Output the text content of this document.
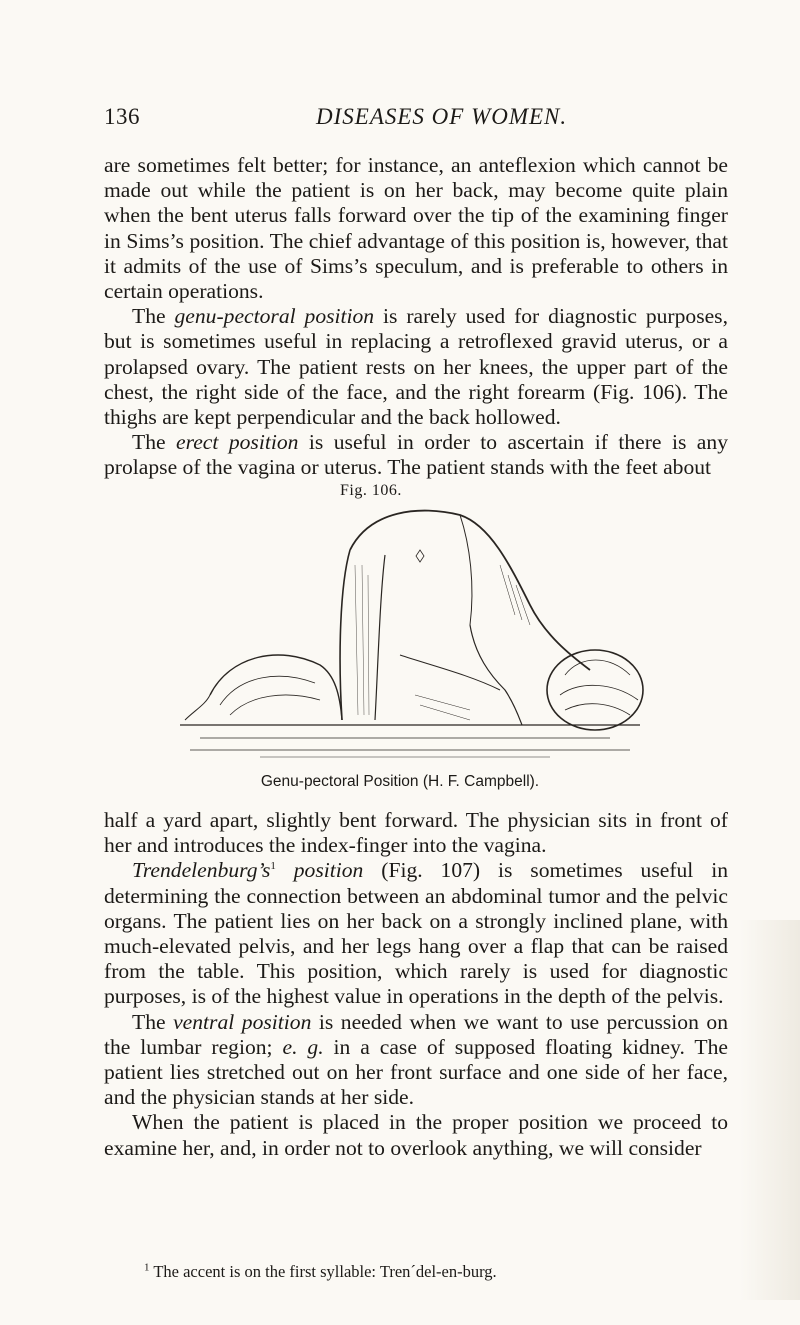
136	DISEASES OF WOMEN.

are sometimes felt better; for instance, an anteflexion which cannot be made out while the patient is on her back, may become quite plain when the bent uterus falls forward over the tip of the examining finger in Sims’s position. The chief advantage of this position is, however, that it admits of the use of Sims’s speculum, and is preferable to others in certain operations.

The genu-pectoral position is rarely used for diagnostic purposes, but is sometimes useful in replacing a retroflexed gravid uterus, or a prolapsed ovary. The patient rests on her knees, the upper part of the chest, the right side of the face, and the right forearm (Fig. 106). The thighs are kept perpendicular and the back hollowed.

The erect position is useful in order to ascertain if there is any prolapse of the vagina or uterus. The patient stands with the feet about

Fig. 106.
Genu-pectoral Position (H. F. Campbell).

half a yard apart, slightly bent forward. The physician sits in front of her and introduces the index-finger into the vagina.

$Trendelenburg’s^1$ position (Fig. 107) is sometimes useful in determining the connection between an abdominal tumor and the pelvic organs. The patient lies on her back on a strongly inclined plane, with much-elevated pelvis, and her legs hang over a flap that can be raised from the table. This position, which rarely is used for diagnostic purposes, is of the highest value in operations in the depth of the pelvis.

The ventral position is needed when we want to use percussion on the lumbar region; e. g. in a case of supposed floating kidney. The patient lies stretched out on her front surface and one side of her face, and the physician stands at her side.

When the patient is placed in the proper position we proceed to examine her, and, in order not to overlook anything, we will consider

$^1$ The accent is on the first syllable: Tren´del-en-burg.
